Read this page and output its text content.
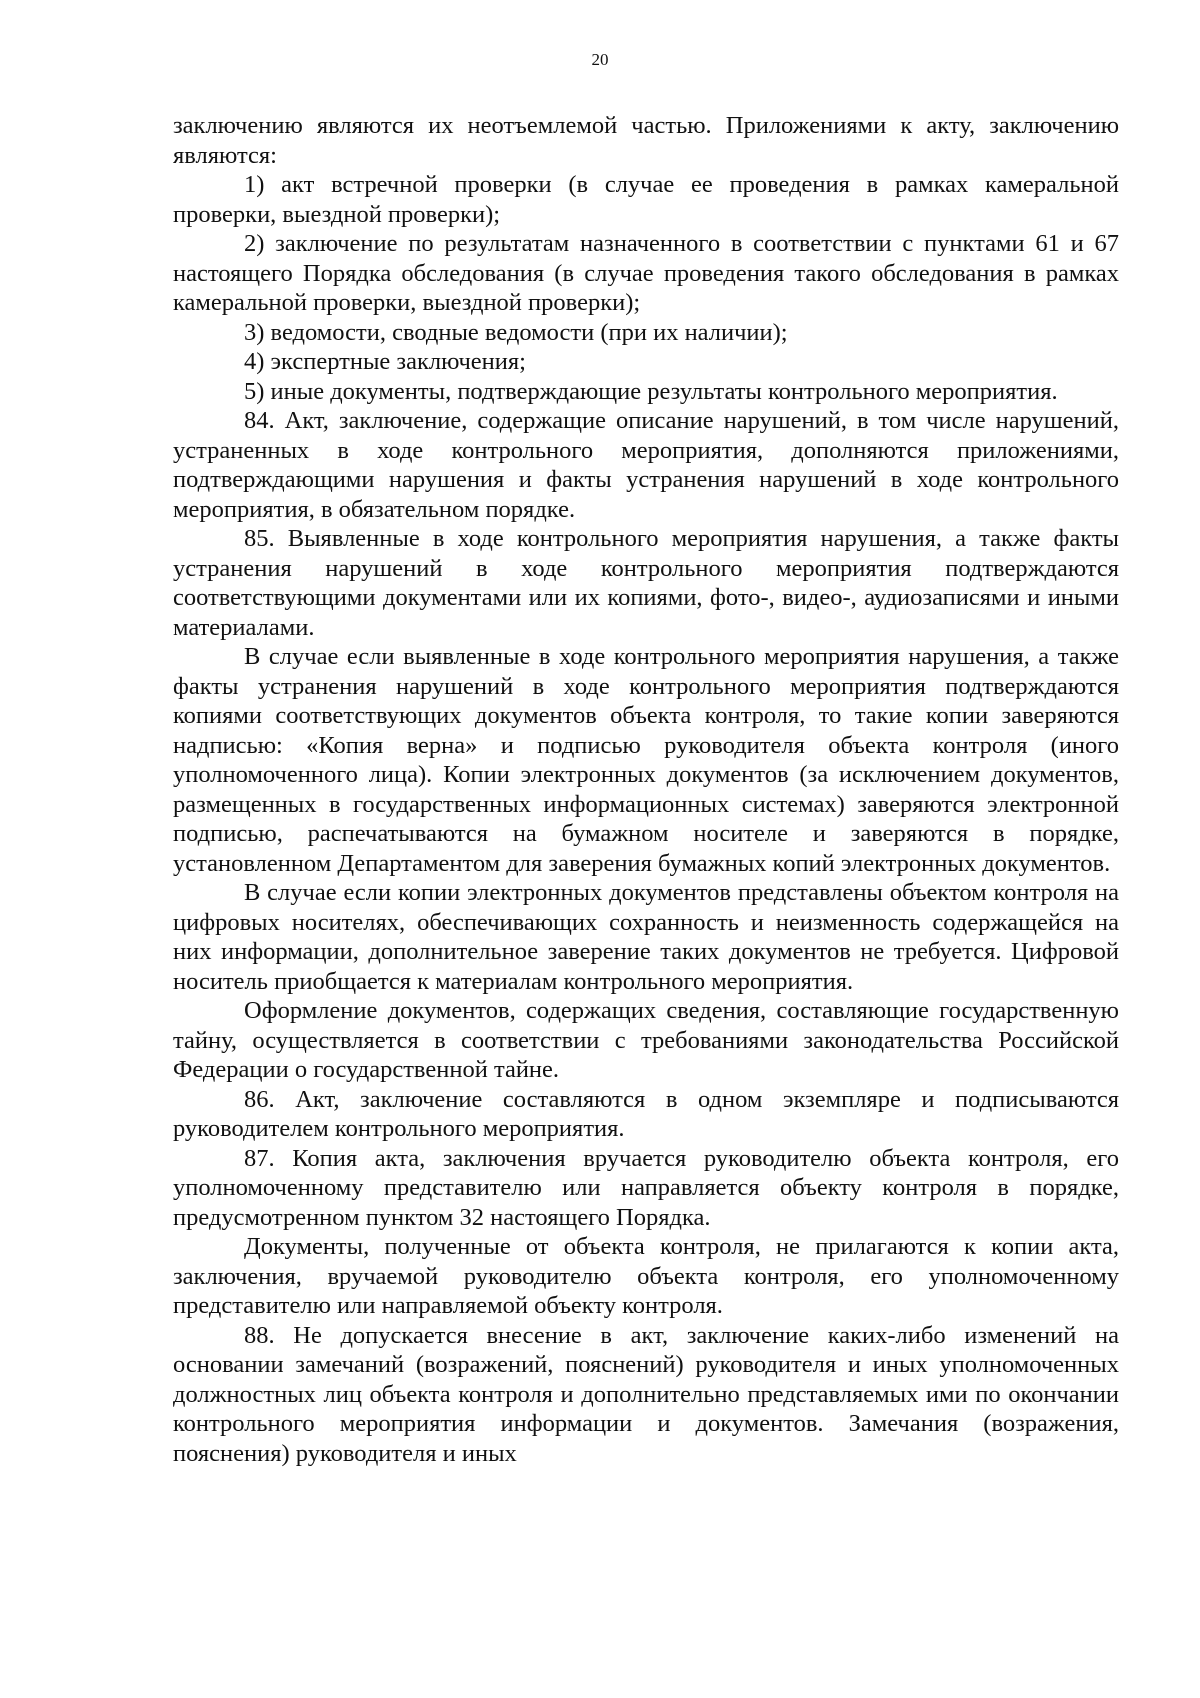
20

заключению являются их неотъемлемой частью. Приложениями к акту, заключению являются:

1) акт встречной проверки (в случае ее проведения в рамках камеральной проверки, выездной проверки);

2) заключение по результатам назначенного в соответствии с пунктами 61 и 67 настоящего Порядка обследования (в случае проведения такого обследования в рамках камеральной проверки, выездной проверки);

3) ведомости, сводные ведомости (при их наличии);

4) экспертные заключения;

5) иные документы, подтверждающие результаты контрольного мероприятия.

84. Акт, заключение, содержащие описание нарушений, в том числе нарушений, устраненных в ходе контрольного мероприятия, дополняются приложениями, подтверждающими нарушения и факты устранения нарушений в ходе контрольного мероприятия, в обязательном порядке.

85. Выявленные в ходе контрольного мероприятия нарушения, а также факты устранения нарушений в ходе контрольного мероприятия подтверждаются соответствующими документами или их копиями, фото-, видео-, аудиозаписями и иными материалами.

В случае если выявленные в ходе контрольного мероприятия нарушения, а также факты устранения нарушений в ходе контрольного мероприятия подтверждаются копиями соответствующих документов объекта контроля, то такие копии заверяются надписью: «Копия верна» и подписью руководителя объекта контроля (иного уполномоченного лица). Копии электронных документов (за исключением документов, размещенных в государственных информационных системах) заверяются электронной подписью, распечатываются на бумажном носителе и заверяются в порядке, установленном Департаментом для заверения бумажных копий электронных документов.

В случае если копии электронных документов представлены объектом контроля на цифровых носителях, обеспечивающих сохранность и неизменность содержащейся на них информации, дополнительное заверение таких документов не требуется. Цифровой носитель приобщается к материалам контрольного мероприятия.

Оформление документов, содержащих сведения, составляющие государственную тайну, осуществляется в соответствии с требованиями законодательства Российской Федерации о государственной тайне.

86. Акт, заключение составляются в одном экземпляре и подписываются руководителем контрольного мероприятия.

87. Копия акта, заключения вручается руководителю объекта контроля, его уполномоченному представителю или направляется объекту контроля в порядке, предусмотренном пунктом 32 настоящего Порядка.

Документы, полученные от объекта контроля, не прилагаются к копии акта, заключения, вручаемой руководителю объекта контроля, его уполномоченному представителю или направляемой объекту контроля.

88. Не допускается внесение в акт, заключение каких-либо изменений на основании замечаний (возражений, пояснений) руководителя и иных уполномоченных должностных лиц объекта контроля и дополнительно представляемых ими по окончании контрольного мероприятия информации и документов. Замечания (возражения, пояснения) руководителя и иных
